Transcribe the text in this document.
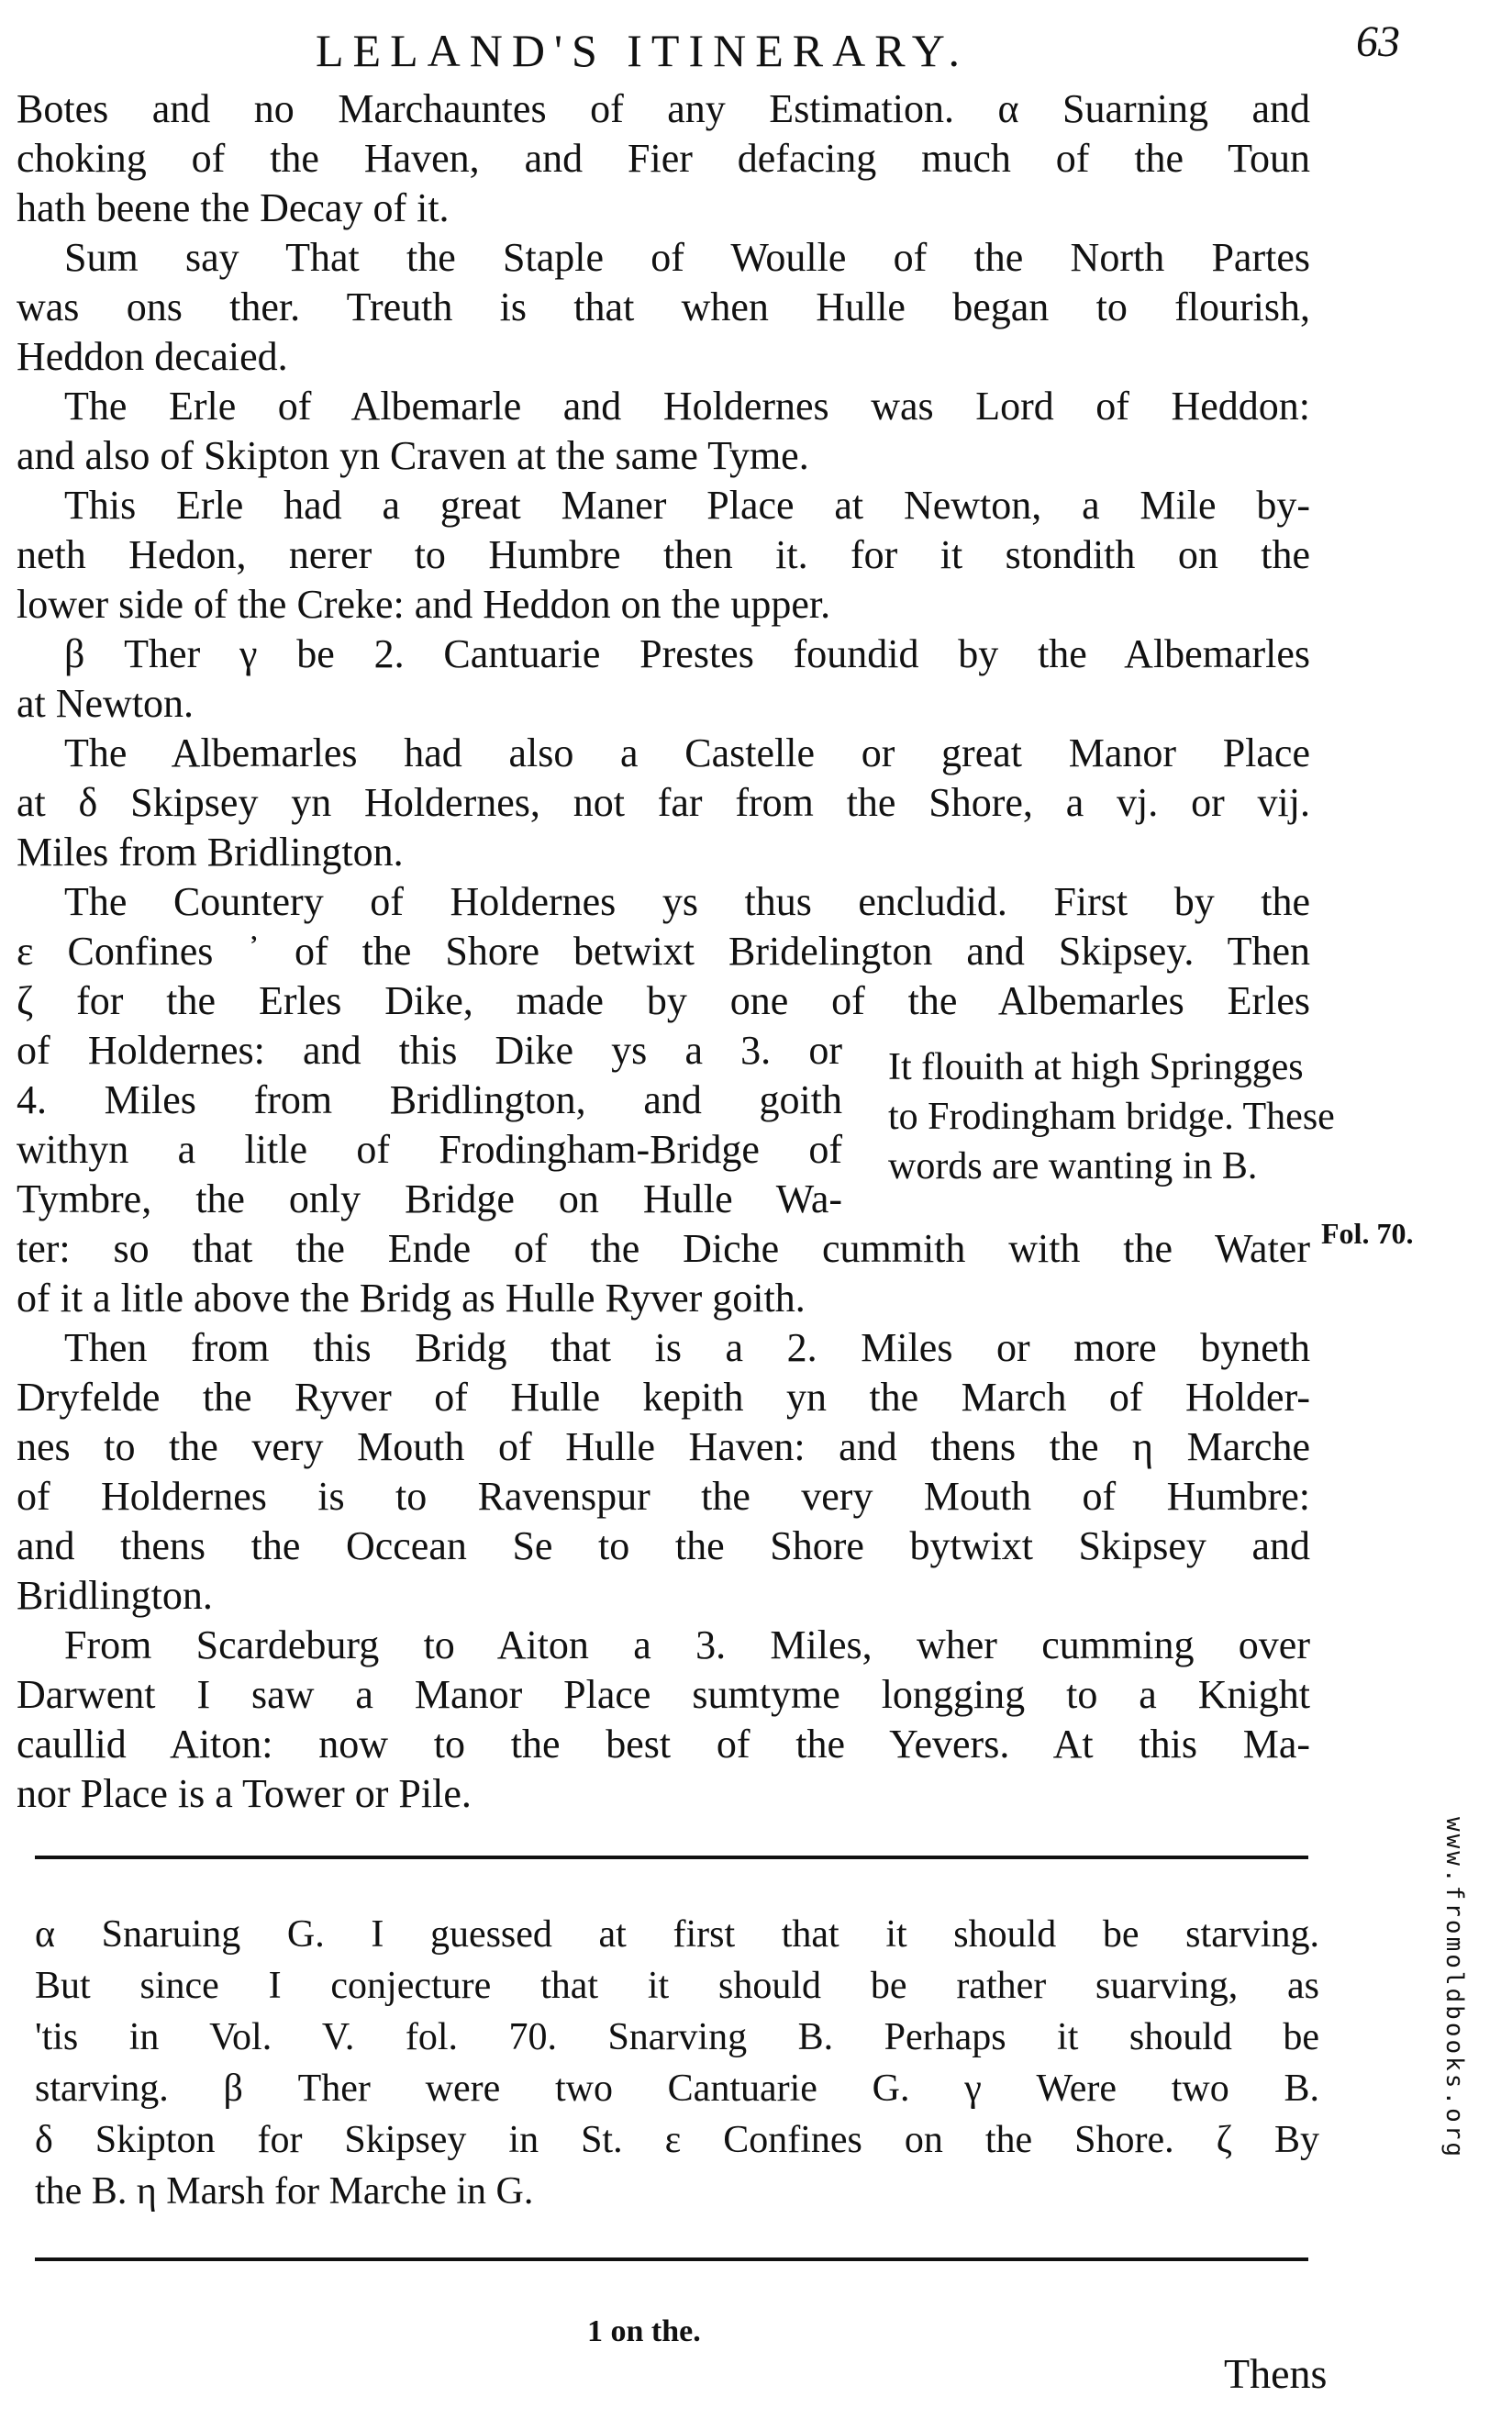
LELAND'S ITINERARY.	63
Botes and no Marchauntes of any Estimation. α Suarning and
choking of the Haven, and Fier defacing much of the Toun
hath beene the Decay of it.
Sum say That the Staple of Woulle of the North Partes
was ons ther. Treuth is that when Hulle began to flourish,
Heddon decaied.
The Erle of Albemarle and Holdernes was Lord of Heddon:
and also of Skipton yn Craven at the same Tyme.
This Erle had a great Maner Place at Newton, a Mile by-
neth Hedon, nerer to Humbre then it. for it stondith on the
lower side of the Creke: and Heddon on the upper.
β Ther γ be 2. Cantuarie Prestes foundid by the Albemarles
at Newton.
The Albemarles had also a Castelle or great Manor Place
at δ Skipsey yn Holdernes, not far from the Shore, a vj. or vij.
Miles from Bridlington.
The Countery of Holdernes ys thus encludid. First by the
ε Confines ᾿ of the Shore betwixt Bridelington and Skipsey. Then
ζ for the Erles Dike, made by one of the Albemarles Erles
of Holdernes: and this Dike ys a 3. or
4. Miles from Bridlington, and goith
withyn a litle of Frodingham-Bridge of
Tymbre, the only Bridge on Hulle Wa-
ter: so that the Ende of the Diche cummith with the Water
of it a litle above the Bridg as Hulle Ryver goith.
Then from this Bridg that is a 2. Miles or more byneth
Dryfelde the Ryver of Hulle kepith yn the March of Holder-
nes to the very Mouth of Hulle Haven: and thens the η Marche
of Holdernes is to Ravenspur the very Mouth of Humbre:
and thens the Occean Se to the Shore bytwixt Skipsey and
Bridlington.
From Scardeburg to Aiton a 3. Miles, wher cumming over
Darwent I saw a Manor Place sumtyme longging to a Knight
caullid Aiton: now to the best of the Yevers. At this Ma-
nor Place is a Tower or Pile.
It flouith at high Springges
to Frodingham bridge. These
words are wanting in B.
Fol. 70.
α Snaruing G. I guessed at first that it should be starving.
But since I conjecture that it should be rather suarving, as
'tis in Vol. V. fol. 70. Snarving B. Perhaps it should be
starving. β Ther were two Cantuarie G. γ Were two B.
δ Skipton for Skipsey in St. ε Confines on the Shore. ζ By
the B. η Marsh for Marche in G.
1 on the.
Thens
www.fromoldbooks.org
